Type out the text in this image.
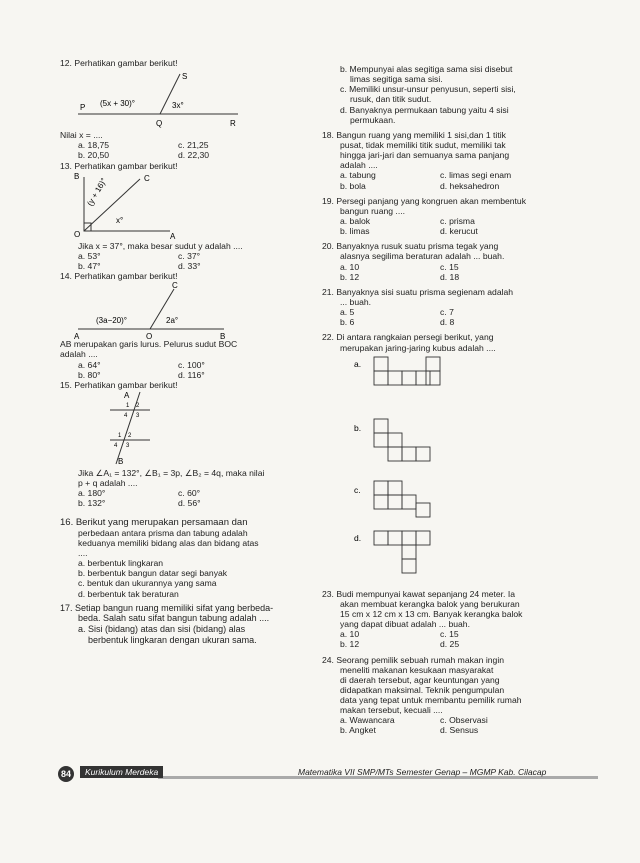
12. Perhatikan gambar berikut!

S
P
Q	R
(5x + 30)°	3x°

Nilai x = ....

a. 18,75	c. 21,25
b. 20,50	d. 22,30

13. Perhatikan gambar berikut!

B	C
O	A
(y + 16)°
x°

Jika x = 37°, maka besar sudut y adalah ....

a. 53°	c. 37°
b. 47°	d. 33°

14. Perhatikan gambar berikut!

C
A	O	B
(3a−20)°	2a°

AB merupakan garis lurus. Pelurus sudut BOC

adalah ....

a. 64°	c. 100°
b. 80°	d. 116°

15. Perhatikan gambar berikut!

A
B
1 2
4 3
1 2
4 3

Jika ∠A₁ = 132°, ∠B₁ = 3p, ∠B₂ = 4q, maka nilai

p + q adalah ....

a. 180°	c. 60°
b. 132°	d. 56°

16. Berikut yang merupakan persamaan dan

perbedaan antara prisma dan tabung adalah

keduanya memiliki bidang alas dan bidang atas

....

a. berbentuk lingkaran

b. berbentuk bangun datar segi banyak

c. bentuk dan ukurannya yang sama

d. berbentuk tak beraturan

17. Setiap bangun ruang memiliki sifat yang berbeda-

beda. Salah satu sifat bangun tabung adalah ....

a. Sisi (bidang) atas dan sisi (bidang) alas

berbentuk lingkaran dengan ukuran sama.

b. Mempunyai alas segitiga sama sisi disebut

limas segitiga sama sisi.

c. Memiliki unsur-unsur penyusun, seperti sisi,

rusuk, dan titik sudut.

d. Banyaknya permukaan tabung yaitu 4 sisi

permukaan.

18. Bangun ruang yang memiliki 1 sisi,dan 1 titik

pusat, tidak memiliki titik sudut, memiliki tak

hingga jari-jari dan semuanya sama panjang

adalah ....

a. tabung	c. limas segi enam
b. bola	d. heksahedron

19. Persegi panjang yang kongruen akan membentuk

bangun ruang ....

a. balok	c. prisma
b. limas	d. kerucut

20. Banyaknya rusuk suatu prisma tegak yang

alasnya segilima beraturan adalah ... buah.

a. 10	c. 15
b. 12	d. 18

21. Banyaknya sisi suatu prisma segienam adalah

... buah.

a. 5	c. 7
b. 6	d. 8

22. Di antara rangkaian persegi berikut, yang

merupakan jaring-jaring kubus adalah ....

a.
b.
c.
d.

23. Budi mempunyai kawat sepanjang 24 meter. Ia

akan membuat kerangka balok yang berukuran

15 cm x 12 cm x 13 cm. Banyak kerangka balok

yang dapat dibuat adalah ... buah.

a. 10	c. 15
b. 12	d. 25

24. Seorang pemilik sebuah rumah makan ingin

meneliti makanan kesukaan masyarakat

di daerah tersebut, agar keuntungan yang

didapatkan maksimal. Teknik pengumpulan

data yang tepat untuk membantu pemilik rumah

makan tersebut, kecuali ....

a. Wawancara	c. Observasi
b. Angket	d. Sensus
84	Kurikulum Merdeka	Matematika VII SMP/MTs Semester Genap – MGMP Kab. Cilacap
